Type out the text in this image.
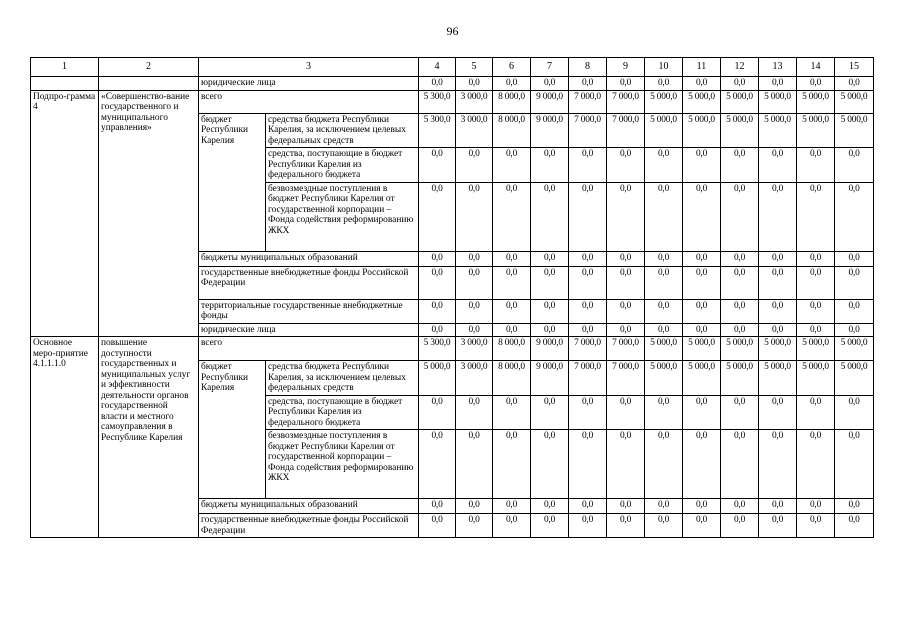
96
1	2	3		4	5	6	7	8	9	10	11	12	13	14	15
		юридические лица		0,0	0,0	0,0	0,0	0,0	0,0	0,0	0,0	0,0	0,0	0,0	0,0
Подпро-грамма 4	«Совершенство-вание государственного и муниципального управления»	всего		5 300,0	3 000,0	8 000,0	9 000,0	7 000,0	7 000,0	5 000,0	5 000,0	5 000,0	5 000,0	5 000,0	5 000,0
		бюджет Республики Карелия	средства бюджета Республики Карелия, за исключением целевых федеральных средств	5 300,0	3 000,0	8 000,0	9 000,0	7 000,0	7 000,0	5 000,0	5 000,0	5 000,0	5 000,0	5 000,0	5 000,0
			средства, поступающие в бюджет Республики Карелия из федерального бюджета	0,0	0,0	0,0	0,0	0,0	0,0	0,0	0,0	0,0	0,0	0,0	0,0
			безвозмездные поступления в бюджет Республики Карелия от государственной корпорации – Фонда содействия реформированию ЖКХ	0,0	0,0	0,0	0,0	0,0	0,0	0,0	0,0	0,0	0,0	0,0	0,0
		бюджеты муниципальных образований		0,0	0,0	0,0	0,0	0,0	0,0	0,0	0,0	0,0	0,0	0,0	0,0
		государственные внебюджетные фонды Российской Федерации		0,0	0,0	0,0	0,0	0,0	0,0	0,0	0,0	0,0	0,0	0,0	0,0
		территориальные государственные внебюджетные фонды		0,0	0,0	0,0	0,0	0,0	0,0	0,0	0,0	0,0	0,0	0,0	0,0
		юридические лица		0,0	0,0	0,0	0,0	0,0	0,0	0,0	0,0	0,0	0,0	0,0	0,0
Основное меро-приятие 4.1.1.1.0	повышение доступности государственных и муниципальных услуг и эффективности деятельности органов государственной власти и местного самоуправления в Республике Карелия	всего		5 300,0	3 000,0	8 000,0	9 000,0	7 000,0	7 000,0	5 000,0	5 000,0	5 000,0	5 000,0	5 000,0	5 000,0
		бюджет Республики Карелия	средства бюджета Республики Карелия, за исключением целевых федеральных средств	5 000,0	3 000,0	8 000,0	9 000,0	7 000,0	7 000,0	5 000,0	5 000,0	5 000,0	5 000,0	5 000,0	5 000,0
			средства, поступающие в бюджет Республики Карелия из федерального бюджета	0,0	0,0	0,0	0,0	0,0	0,0	0,0	0,0	0,0	0,0	0,0	0,0
			безвозмездные поступления в бюджет Республики Карелия от государственной корпорации – Фонда содействия реформированию ЖКХ	0,0	0,0	0,0	0,0	0,0	0,0	0,0	0,0	0,0	0,0	0,0	0,0
		бюджеты муниципальных образований		0,0	0,0	0,0	0,0	0,0	0,0	0,0	0,0	0,0	0,0	0,0	0,0
		государственные внебюджетные фонды Российской Федерации		0,0	0,0	0,0	0,0	0,0	0,0	0,0	0,0	0,0	0,0	0,0	0,0
